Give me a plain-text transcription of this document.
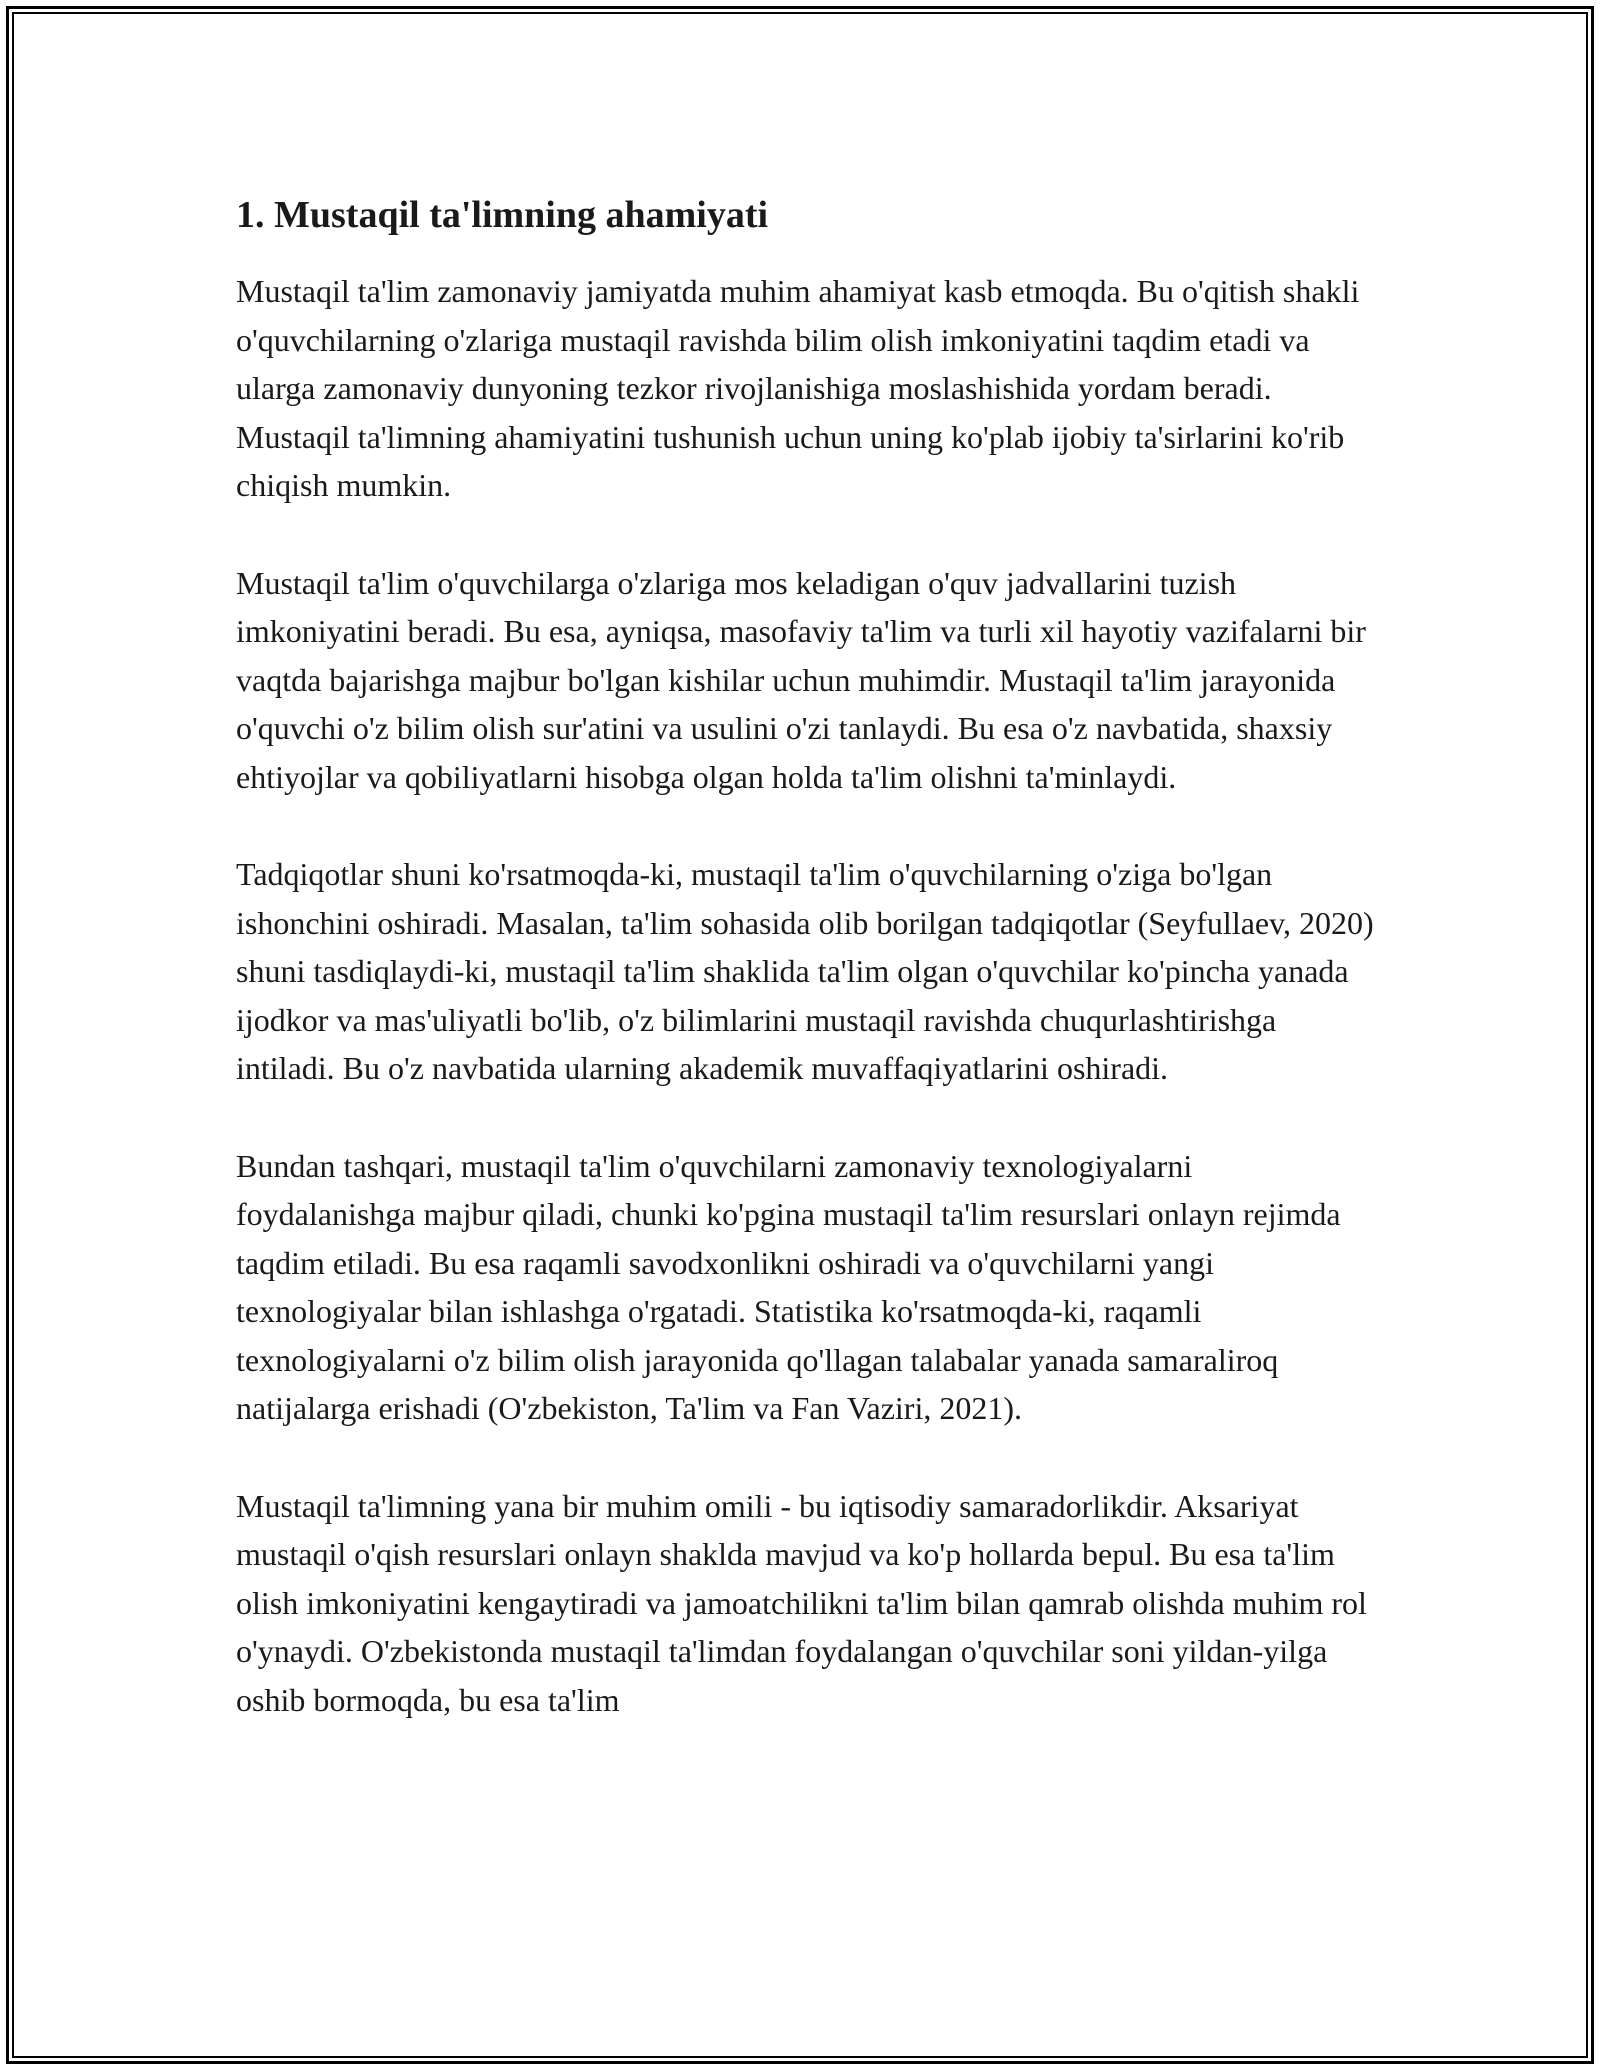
1. Mustaqil ta'limning ahamiyati

Mustaqil ta'lim zamonaviy jamiyatda muhim ahamiyat kasb etmoqda. Bu o'qitish shakli o'quvchilarning o'zlariga mustaqil ravishda bilim olish imkoniyatini taqdim etadi va ularga zamonaviy dunyoning tezkor rivojlanishiga moslashishida yordam beradi. Mustaqil ta'limning ahamiyatini tushunish uchun uning ko'plab ijobiy ta'sirlarini ko'rib chiqish mumkin.

Mustaqil ta'lim o'quvchilarga o'zlariga mos keladigan o'quv jadvallarini tuzish imkoniyatini beradi. Bu esa, ayniqsa, masofaviy ta'lim va turli xil hayotiy vazifalarni bir vaqtda bajarishga majbur bo'lgan kishilar uchun muhimdir. Mustaqil ta'lim jarayonida o'quvchi o'z bilim olish sur'atini va usulini o'zi tanlaydi. Bu esa o'z navbatida, shaxsiy ehtiyojlar va qobiliyatlarni hisobga olgan holda ta'lim olishni ta'minlaydi.

Tadqiqotlar shuni ko'rsatmoqda-ki, mustaqil ta'lim o'quvchilarning o'ziga bo'lgan ishonchini oshiradi. Masalan, ta'lim sohasida olib borilgan tadqiqotlar (Seyfullaev, 2020) shuni tasdiqlaydi-ki, mustaqil ta'lim shaklida ta'lim olgan o'quvchilar ko'pincha yanada ijodkor va mas'uliyatli bo'lib, o'z bilimlarini mustaqil ravishda chuqurlashtirishga intiladi. Bu o'z navbatida ularning akademik muvaffaqiyatlarini oshiradi.

Bundan tashqari, mustaqil ta'lim o'quvchilarni zamonaviy texnologiyalarni foydalanishga majbur qiladi, chunki ko'pgina mustaqil ta'lim resurslari onlayn rejimda taqdim etiladi. Bu esa raqamli savodxonlikni oshiradi va o'quvchilarni yangi texnologiyalar bilan ishlashga o'rgatadi. Statistika ko'rsatmoqda-ki, raqamli texnologiyalarni o'z bilim olish jarayonida qo'llagan talabalar yanada samaraliroq natijalarga erishadi (O'zbekiston, Ta'lim va Fan Vaziri, 2021).

Mustaqil ta'limning yana bir muhim omili - bu iqtisodiy samaradorlikdir. Aksariyat mustaqil o'qish resurslari onlayn shaklda mavjud va ko'p hollarda bepul. Bu esa ta'lim olish imkoniyatini kengaytiradi va jamoatchilikni ta'lim bilan qamrab olishda muhim rol o'ynaydi. O'zbekistonda mustaqil ta'limdan foydalangan o'quvchilar soni yildan-yilga oshib bormoqda, bu esa ta'lim
